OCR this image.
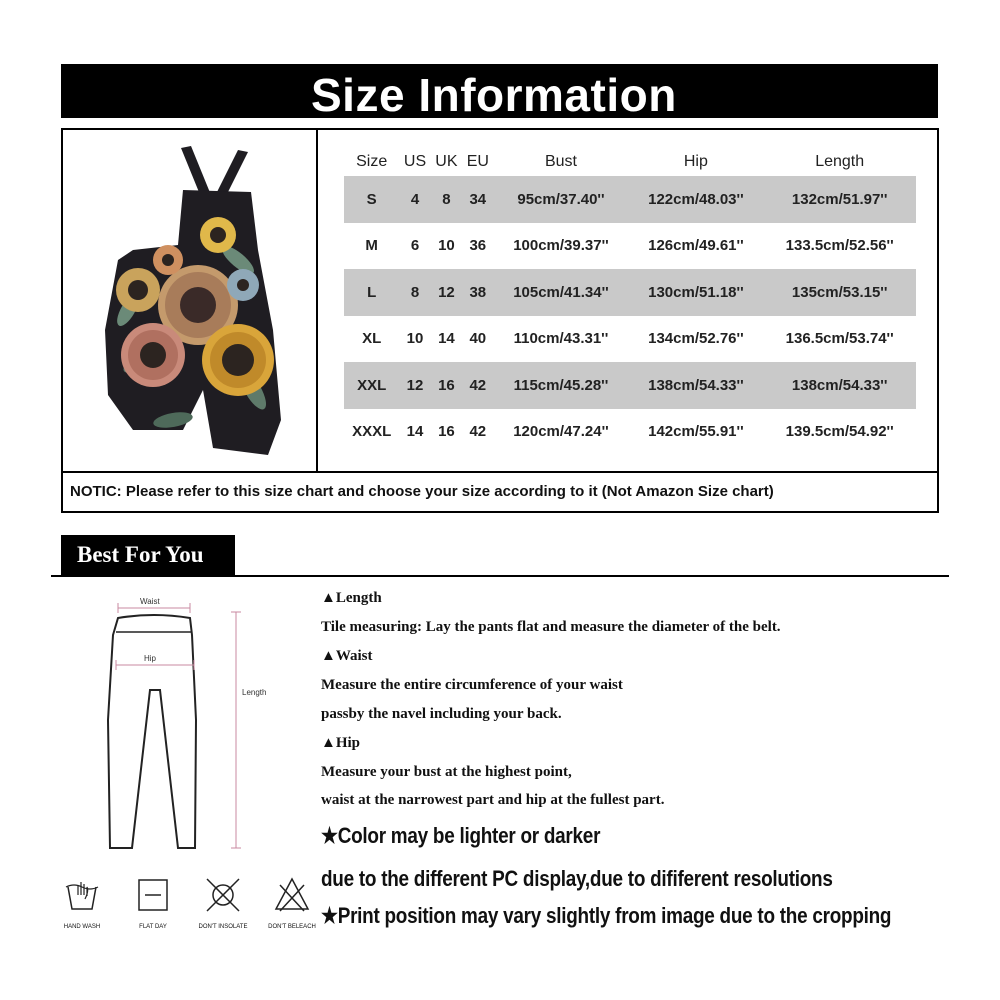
Size Information
Size	US	UK	EU	Bust	Hip	Length
S	4	8	34	95cm/37.40''	122cm/48.03''	132cm/51.97''
M	6	10	36	100cm/39.37''	126cm/49.61''	133.5cm/52.56''
L	8	12	38	105cm/41.34''	130cm/51.18''	135cm/53.15''
XL	10	14	40	110cm/43.31''	134cm/52.76''	136.5cm/53.74''
XXL	12	16	42	115cm/45.28''	138cm/54.33''	138cm/54.33''
XXXL	14	16	42	120cm/47.24''	142cm/55.91''	139.5cm/54.92''
NOTIC: Please refer to this size chart and choose your size according to it (Not Amazon Size chart)
Best For You
Waist
Hip
Length
HAND WASH	FLAT DAY	DON'T INSOLATE	DON'T BELEACH
▲Length
Tile measuring: Lay the pants flat and measure the diameter of the belt.
▲Waist
Measure the entire circumference of your waist
passby the navel including your back.
▲Hip
Measure your bust at the highest point,
waist at the narrowest part and hip at the fullest part.
★Color may be lighter or darker
due to the different PC display,due to dififerent resolutions
★Print position may vary slightly from image due to the cropping
